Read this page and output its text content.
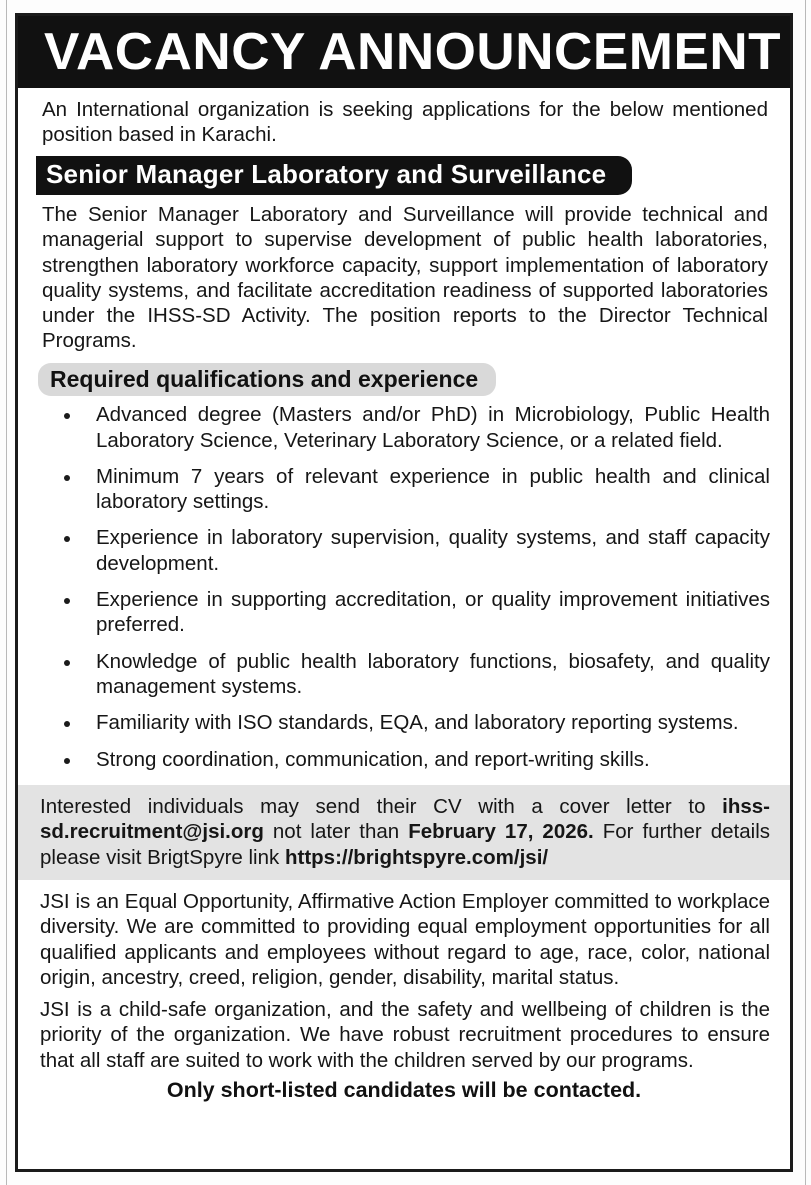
VACANCY ANNOUNCEMENT
An International organization is seeking applications for the below mentioned position based in Karachi.
Senior Manager Laboratory and Surveillance
The Senior Manager Laboratory and Surveillance will provide technical and managerial support to supervise development of public health laboratories, strengthen laboratory workforce capacity, support implementation of laboratory quality systems, and facilitate accreditation readiness of supported laboratories under the IHSS-SD Activity. The position reports to the Director Technical Programs.
Required qualifications and experience
Advanced degree (Masters and/or PhD) in Microbiology, Public Health Laboratory Science, Veterinary Laboratory Science, or a related field.
Minimum 7 years of relevant experience in public health and clinical laboratory settings.
Experience in laboratory supervision, quality systems, and staff capacity development.
Experience in supporting accreditation, or quality improvement initiatives preferred.
Knowledge of public health laboratory functions, biosafety, and quality management systems.
Familiarity with ISO standards, EQA, and laboratory reporting systems.
Strong coordination, communication, and report-writing skills.
Interested individuals may send their CV with a cover letter to ihss-sd.recruitment@jsi.org not later than February 17, 2026. For further details please visit BrigtSpyre link https://brightspyre.com/jsi/

JSI is an Equal Opportunity, Affirmative Action Employer committed to workplace diversity. We are committed to providing equal employment opportunities for all qualified applicants and employees without regard to age, race, color, national origin, ancestry, creed, religion, gender, disability, marital status.

JSI is a child-safe organization, and the safety and wellbeing of children is the priority of the organization. We have robust recruitment procedures to ensure that all staff are suited to work with the children served by our programs.

Only short-listed candidates will be contacted.
